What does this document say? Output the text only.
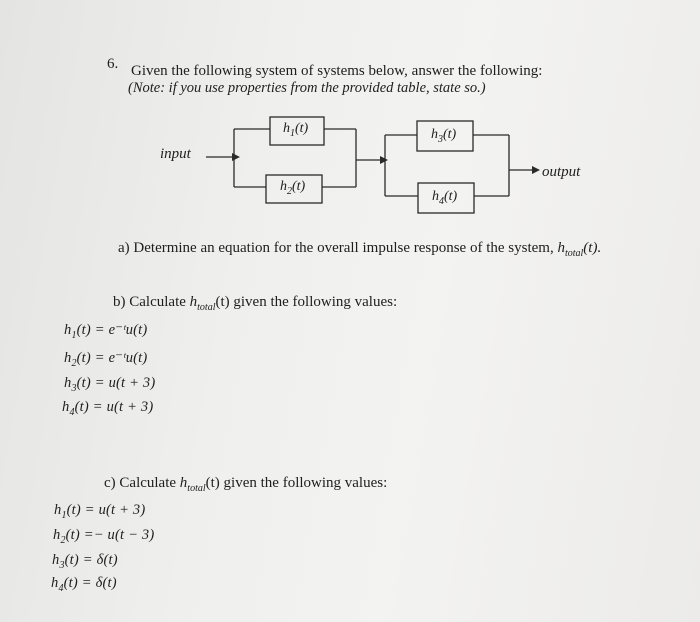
6. Given the following system of systems below, answer the following:
(Note: if you use properties from the provided table, state so.)
input
output
$h_1(t)$
$h_2(t)$
$h_3(t)$
$h_4(t)$
a) Determine an equation for the overall impulse response of the system, $h_{total}(t)$.
b) Calculate $h_{total}(t)$ given the following values:
$h_1(t)$ = e⁻ᵗu(t)
$h_2(t)$ = e⁻ᵗu(t)
$h_3(t) = u(t + 3)$
$h_4(t) = u(t + 3)$
c) Calculate $h_{total}(t)$ given the following values:
$h_1(t) = u(t + 3)$
$h_2(t) =- u(t - 3)$
$h_3(t) = \delta(t)$
$h_4(t) = \delta(t)$
